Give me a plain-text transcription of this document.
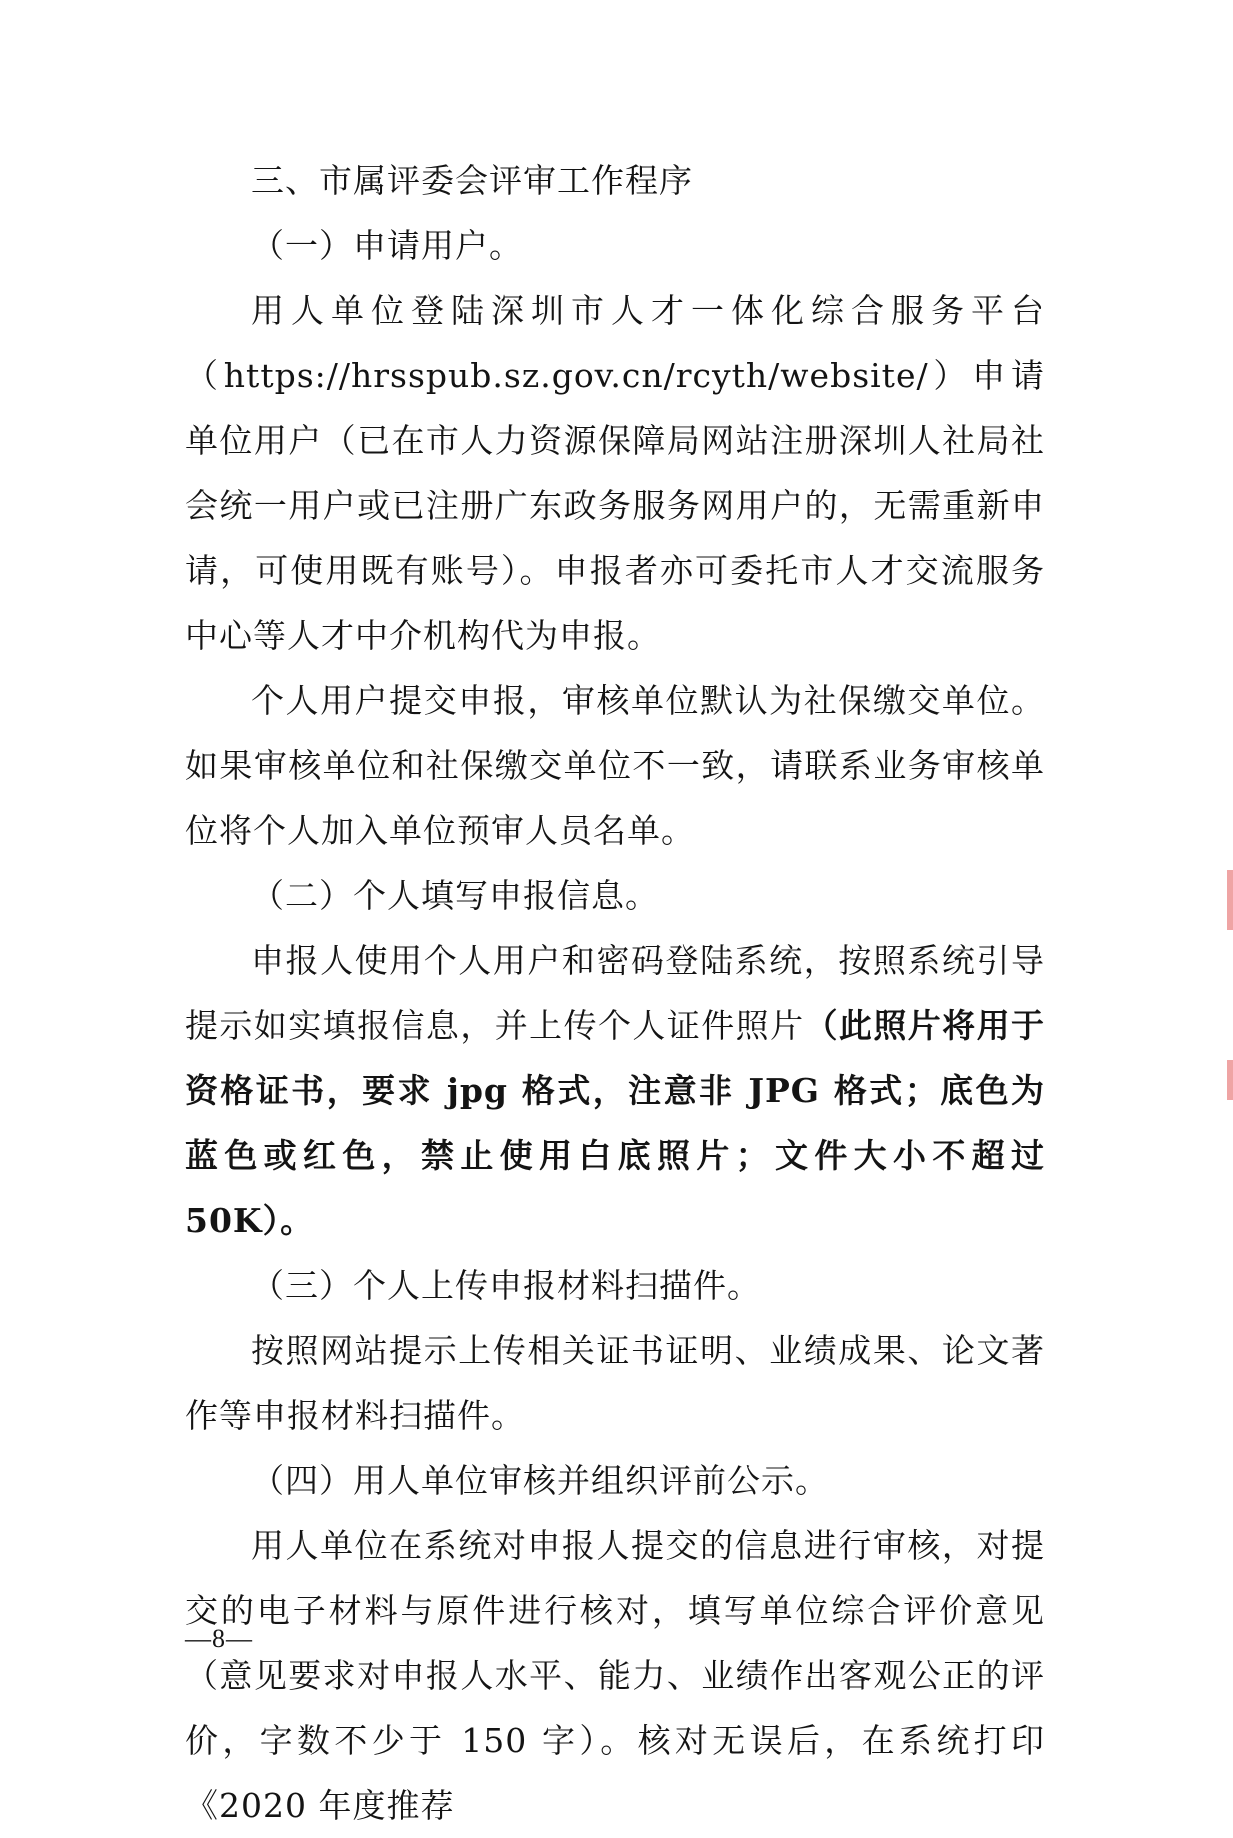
三、市属评委会评审工作程序

（一）申请用户。

用人单位登陆深圳市人才一体化综合服务平台（https://hrsspub.sz.gov.cn/rcyth/website/）申请单位用户（已在市人力资源保障局网站注册深圳人社局社会统一用户或已注册广东政务服务网用户的，无需重新申请，可使用既有账号）。申报者亦可委托市人才交流服务中心等人才中介机构代为申报。

个人用户提交申报，审核单位默认为社保缴交单位。如果审核单位和社保缴交单位不一致，请联系业务审核单位将个人加入单位预审人员名单。

（二）个人填写申报信息。

申报人使用个人用户和密码登陆系统，按照系统引导提示如实填报信息，并上传个人证件照片（此照片将用于资格证书，要求 jpg 格式，注意非 JPG 格式；底色为蓝色或红色，禁止使用白底照片；文件大小不超过 50K）。

（三）个人上传申报材料扫描件。

按照网站提示上传相关证书证明、业绩成果、论文著作等申报材料扫描件。

（四）用人单位审核并组织评前公示。

用人单位在系统对申报人提交的信息进行审核，对提交的电子材料与原件进行核对，填写单位综合评价意见（意见要求对申报人水平、能力、业绩作出客观公正的评价，字数不少于 150 字）。核对无误后，在系统打印《2020 年度推荐

—8—
